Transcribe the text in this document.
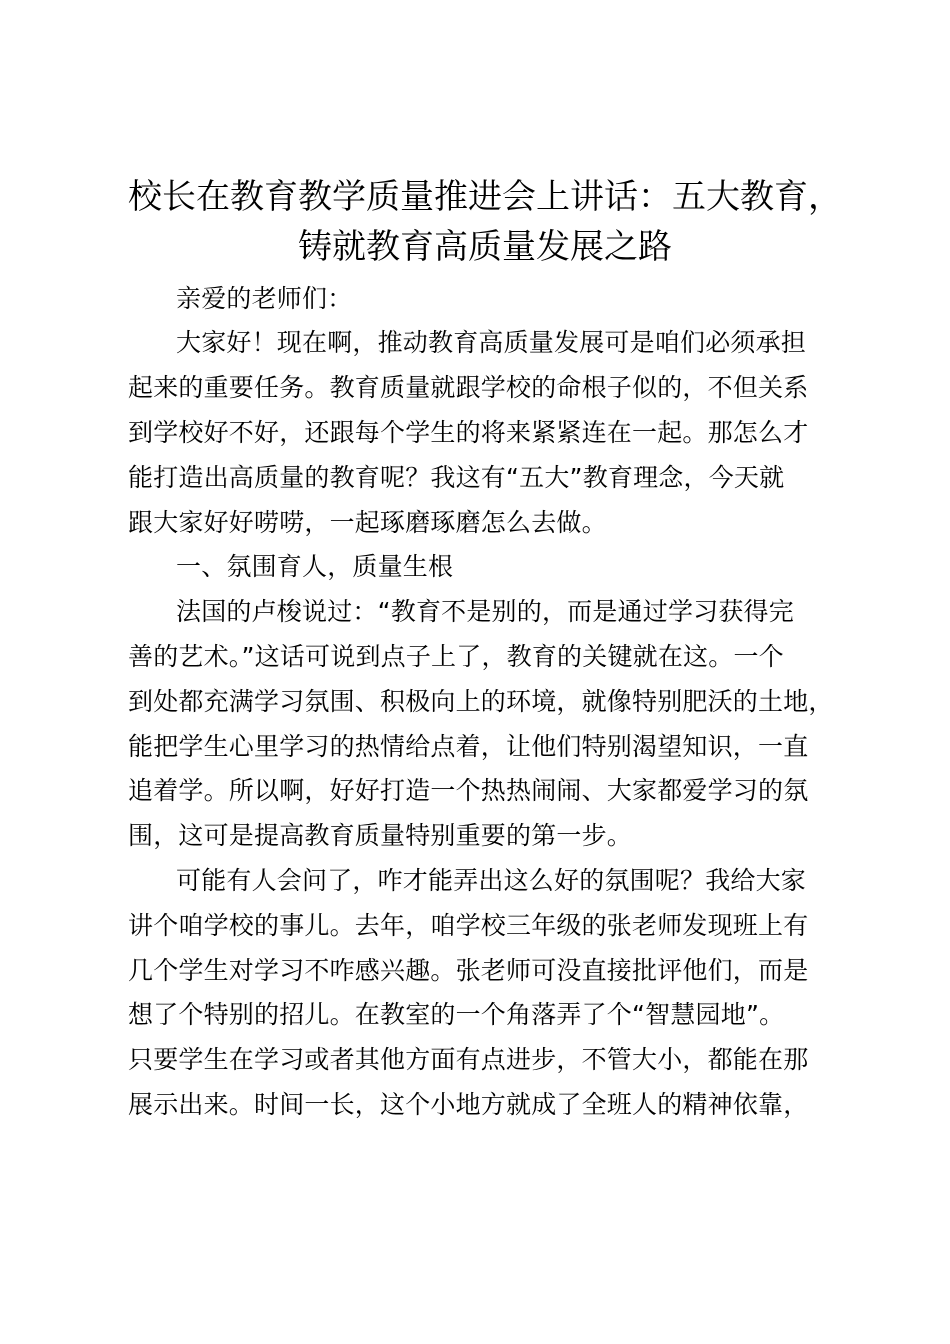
校长在教育教学质量推进会上讲话：五大教育，
铸就教育高质量发展之路
亲爱的老师们：
大家好！现在啊，推动教育高质量发展可是咱们必须承担
起来的重要任务。教育质量就跟学校的命根子似的，不但关系
到学校好不好，还跟每个学生的将来紧紧连在一起。那怎么才
能打造出高质量的教育呢？我这有“五大”教育理念，今天就
跟大家好好唠唠，一起琢磨琢磨怎么去做。
一、氛围育人，质量生根
法国的卢梭说过：“教育不是别的，而是通过学习获得完
善的艺术。”这话可说到点子上了，教育的关键就在这。一个
到处都充满学习氛围、积极向上的环境，就像特别肥沃的土地，
能把学生心里学习的热情给点着，让他们特别渴望知识，一直
追着学。所以啊，好好打造一个热热闹闹、大家都爱学习的氛
围，这可是提高教育质量特别重要的第一步。
可能有人会问了，咋才能弄出这么好的氛围呢？我给大家
讲个咱学校的事儿。去年，咱学校三年级的张老师发现班上有
几个学生对学习不咋感兴趣。张老师可没直接批评他们，而是
想了个特别的招儿。在教室的一个角落弄了个“智慧园地”。
只要学生在学习或者其他方面有点进步，不管大小，都能在那
展示出来。时间一长，这个小地方就成了全班人的精神依靠，
